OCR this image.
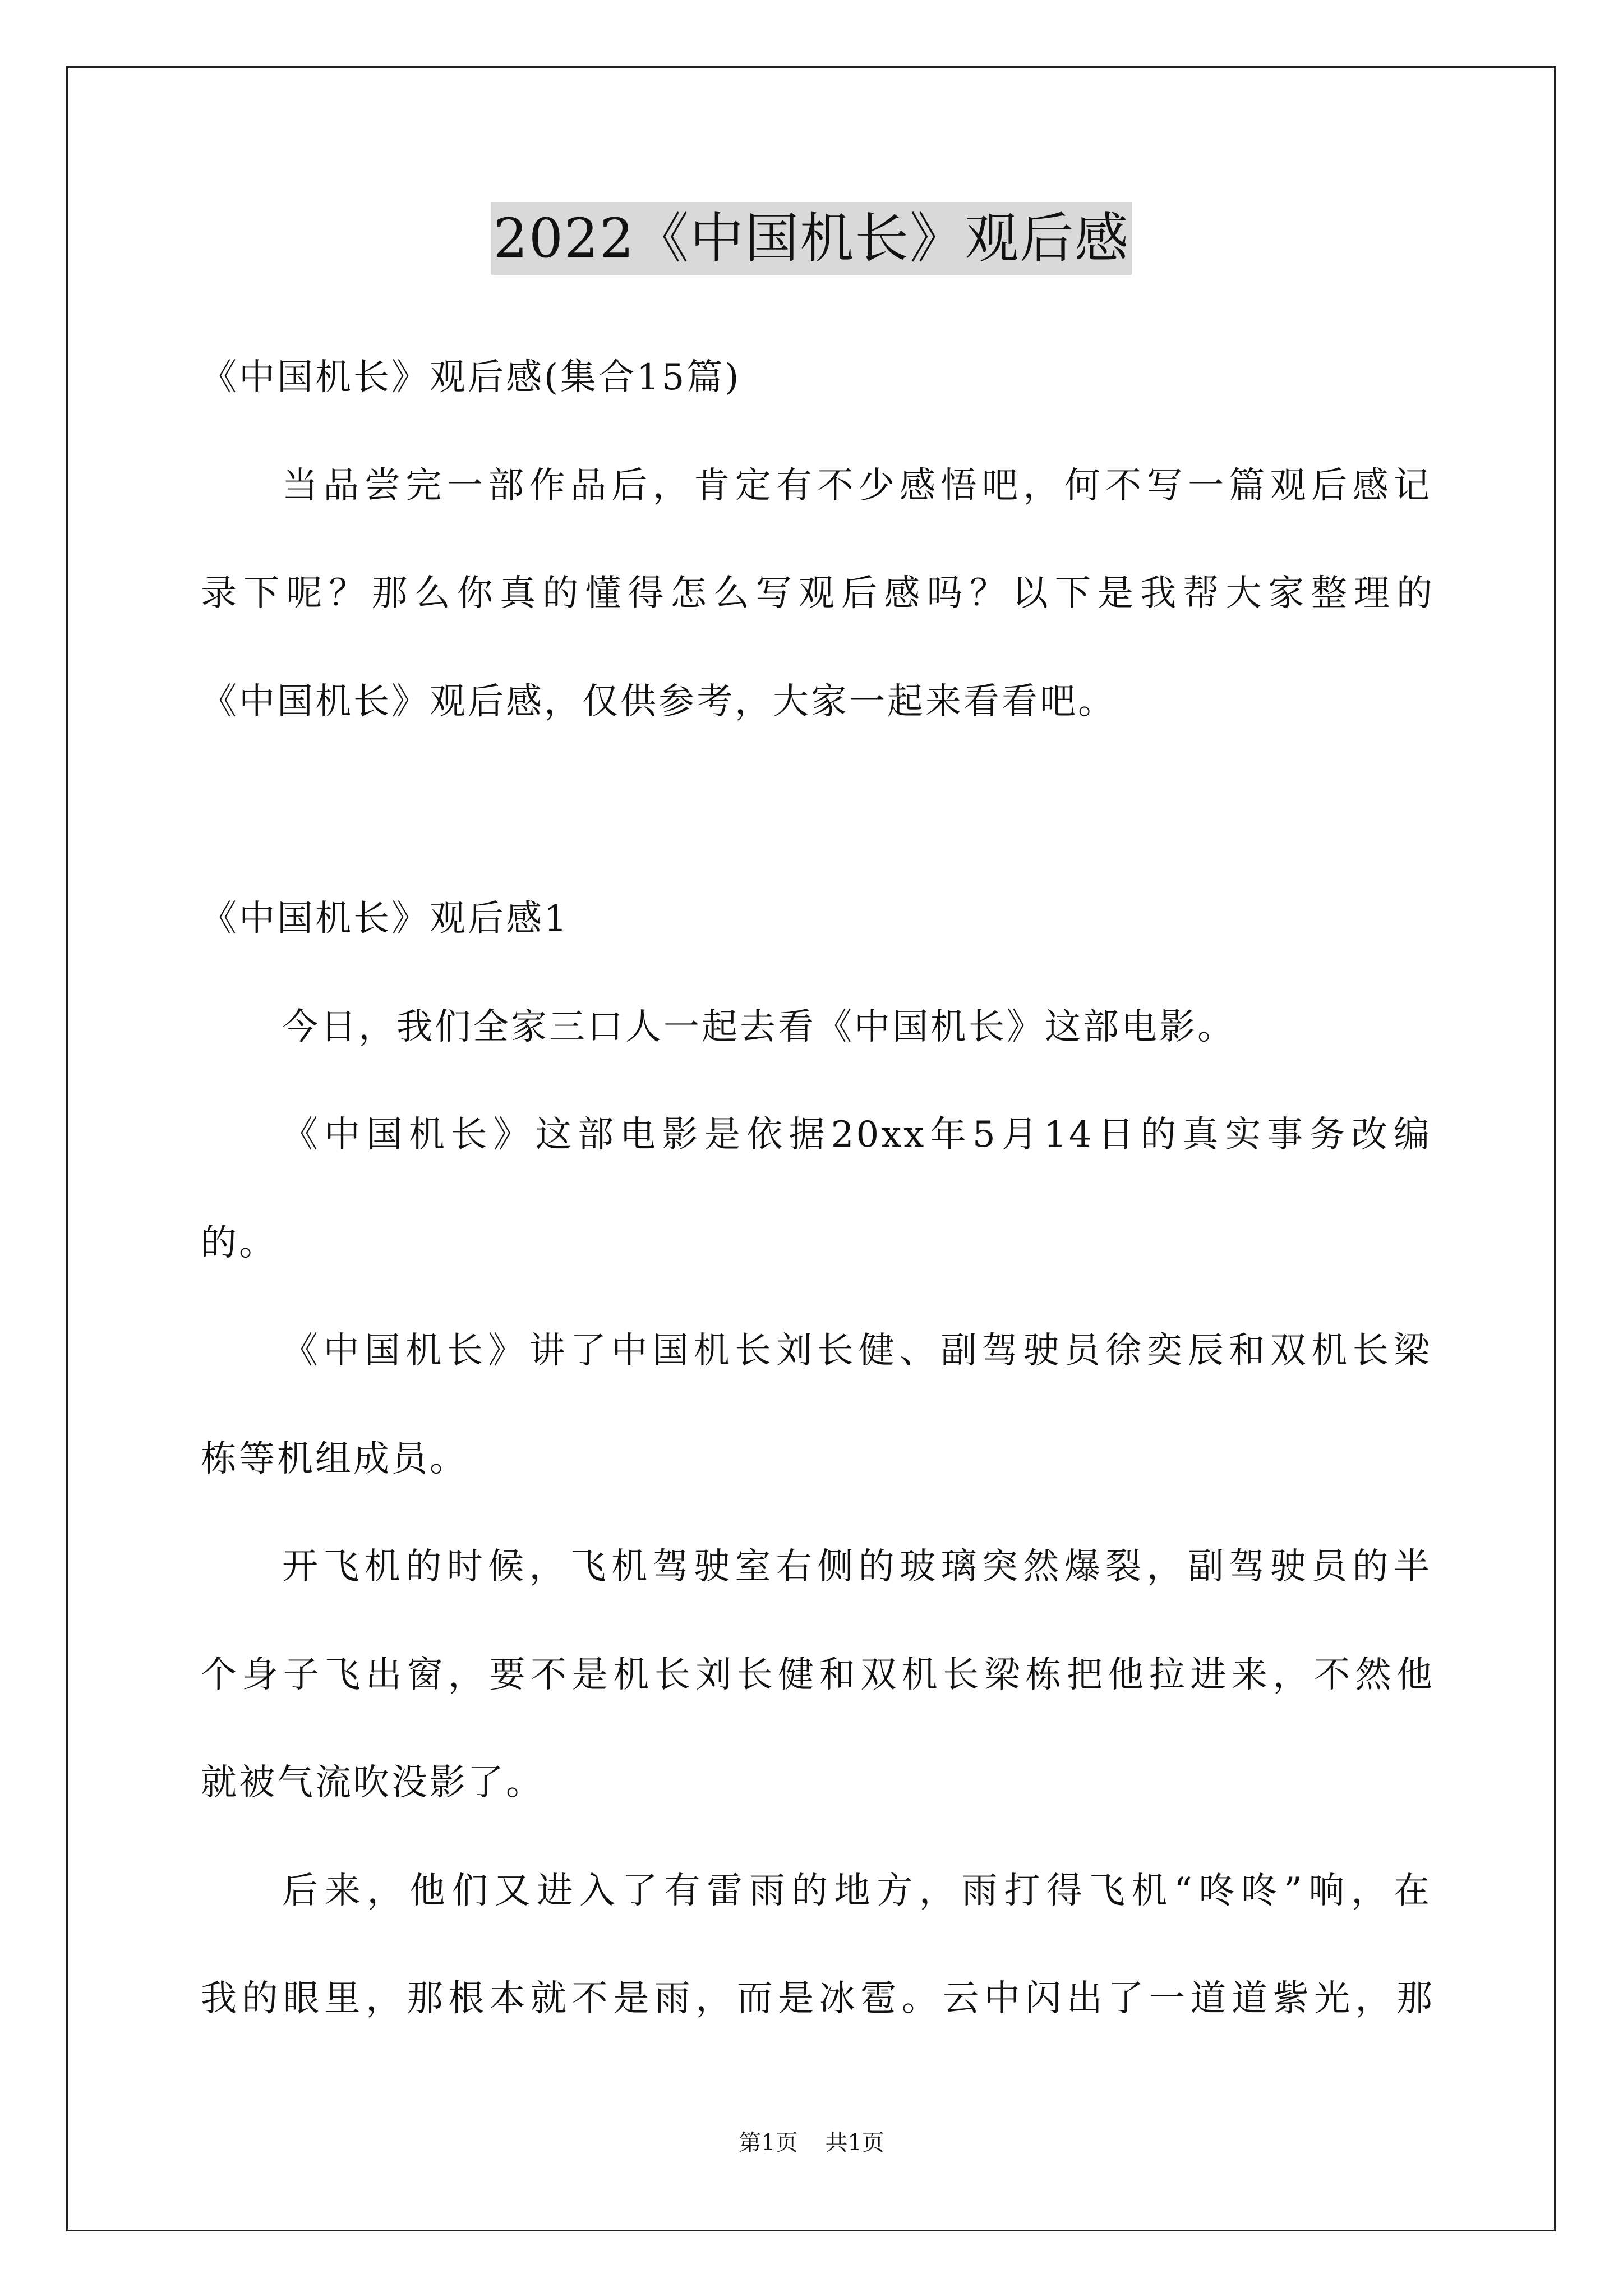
2022《中国机长》观后感
《中国机长》观后感(集合15篇)
当品尝完一部作品后，肯定有不少感悟吧，何不写一篇观后感记
录下呢？那么你真的懂得怎么写观后感吗？以下是我帮大家整理的
《中国机长》观后感，仅供参考，大家一起来看看吧。
《中国机长》观后感1
今日，我们全家三口人一起去看《中国机长》这部电影。
《中国机长》这部电影是依据20xx年5月14日的真实事务改编
的。
《中国机长》讲了中国机长刘长健、副驾驶员徐奕辰和双机长梁
栋等机组成员。
开飞机的时候，飞机驾驶室右侧的玻璃突然爆裂，副驾驶员的半
个身子飞出窗，要不是机长刘长健和双机长梁栋把他拉进来，不然他
就被气流吹没影了。
后来，他们又进入了有雷雨的地方，雨打得飞机“咚咚”响，在
我的眼里，那根本就不是雨，而是冰雹。云中闪出了一道道紫光，那
第1页 共1页
